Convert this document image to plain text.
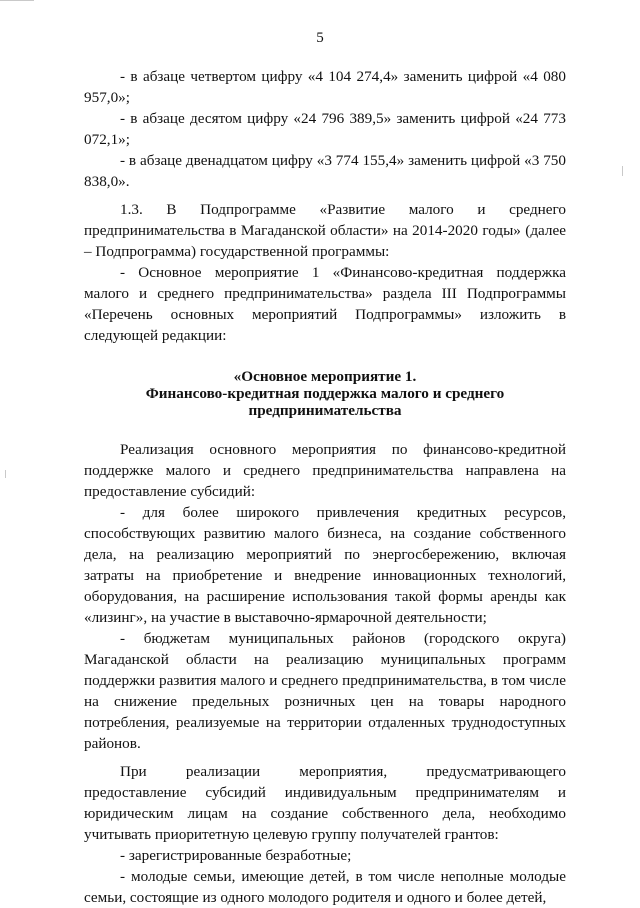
5

- в абзаце четвертом цифру «4 104 274,4» заменить цифрой «4 080 957,0»;

- в абзаце десятом цифру «24 796 389,5» заменить цифрой «24 773 072,1»;

- в абзаце двенадцатом цифру «3 774 155,4» заменить цифрой «3 750 838,0».

1.3. В Подпрограмме «Развитие малого и среднего предпринимательства в Магаданской области» на 2014-2020 годы» (далее – Подпрограмма) государственной программы:

- Основное мероприятие 1 «Финансово-кредитная поддержка малого и среднего предпринимательства» раздела III Подпрограммы «Перечень основных мероприятий Подпрограммы» изложить в следующей редакции:

«Основное мероприятие 1.
Финансово-кредитная поддержка малого и среднего
предпринимательства

Реализация основного мероприятия по финансово-кредитной поддержке малого и среднего предпринимательства направлена на предоставление субсидий:

- для более широкого привлечения кредитных ресурсов, способствующих развитию малого бизнеса, на создание собственного дела, на реализацию мероприятий по энергосбережению, включая затраты на приобретение и внедрение инновационных технологий, оборудования, на расширение использования такой формы аренды как «лизинг», на участие в выставочно-ярмарочной деятельности;

- бюджетам муниципальных районов (городского округа) Магаданской области на реализацию муниципальных программ поддержки развития малого и среднего предпринимательства, в том числе на снижение предельных розничных цен на товары народного потребления, реализуемые на территории отдаленных труднодоступных районов.

При реализации мероприятия, предусматривающего предоставление субсидий индивидуальным предпринимателям и юридическим лицам на создание собственного дела, необходимо учитывать приоритетную целевую группу получателей грантов:

- зарегистрированные безработные;

- молодые семьи, имеющие детей, в том числе неполные молодые семьи, состоящие из одного молодого родителя и одного и более детей,
